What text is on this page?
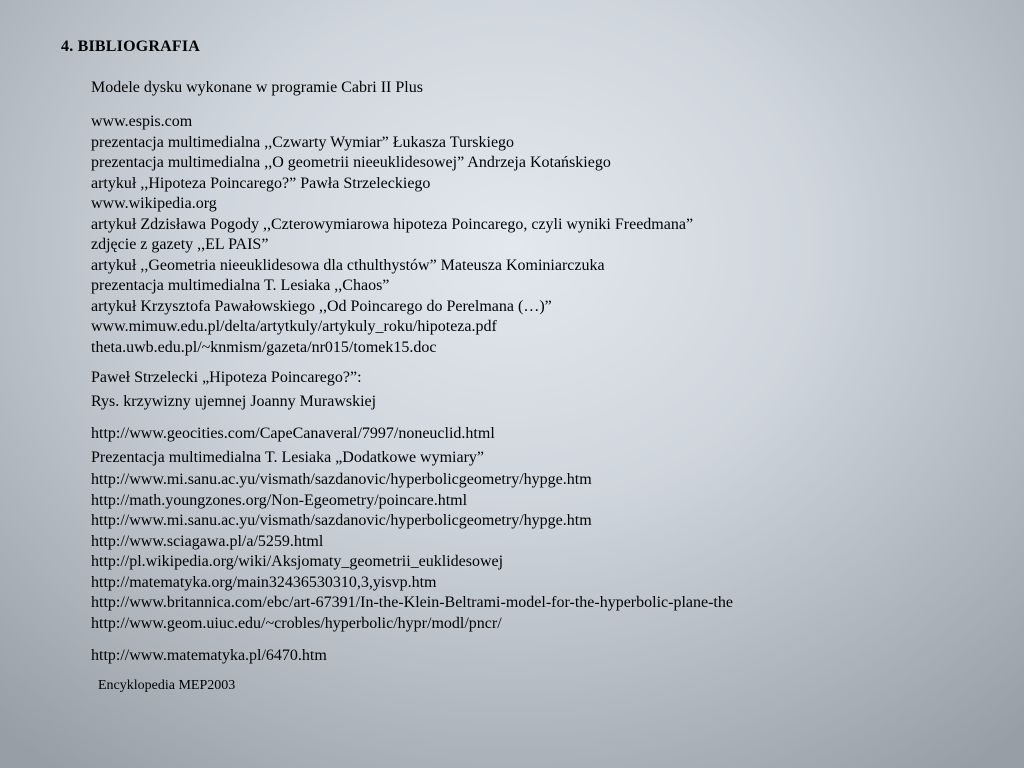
4. BIBLIOGRAFIA
Modele dysku wykonane w programie Cabri II Plus
www.espis.com
prezentacja multimedialna ,,Czwarty Wymiar” Łukasza Turskiego
prezentacja multimedialna ,,O geometrii nieeuklidesowej” Andrzeja Kotańskiego
artykuł ,,Hipoteza Poincarego?” Pawła Strzeleckiego
www.wikipedia.org
artykuł Zdzisława Pogody ,,Czterowymiarowa hipoteza Poincarego, czyli wyniki Freedmana”
zdjęcie z gazety ,,EL PAIS”
artykuł ,,Geometria nieeuklidesowa dla cthulthystów” Mateusza Kominiarczuka
prezentacja multimedialna T. Lesiaka ,,Chaos”
artykuł Krzysztofa Pawałowskiego ,,Od Poincarego do Perelmana (…)”
www.mimuw.edu.pl/delta/artytkuly/artykuly_roku/hipoteza.pdf
theta.uwb.edu.pl/~knmism/gazeta/nr015/tomek15.doc
Paweł Strzelecki „Hipoteza Poincarego?”:
Rys. krzywizny ujemnej Joanny Murawskiej
http://www.geocities.com/CapeCanaveral/7997/noneuclid.html
Prezentacja multimedialna T. Lesiaka „Dodatkowe wymiary”
http://www.mi.sanu.ac.yu/vismath/sazdanovic/hyperbolicgeometry/hypge.htm
http://math.youngzones.org/Non-Egeometry/poincare.html
http://www.mi.sanu.ac.yu/vismath/sazdanovic/hyperbolicgeometry/hypge.htm
http://www.sciagawa.pl/a/5259.html
http://pl.wikipedia.org/wiki/Aksjomaty_geometrii_euklidesowej
http://matematyka.org/main32436530310,3,yisvp.htm
http://www.britannica.com/ebc/art-67391/In-the-Klein-Beltrami-model-for-the-hyperbolic-plane-the
http://www.geom.uiuc.edu/~crobles/hyperbolic/hypr/modl/pncr/
http://www.matematyka.pl/6470.htm
Encyklopedia MEP2003
